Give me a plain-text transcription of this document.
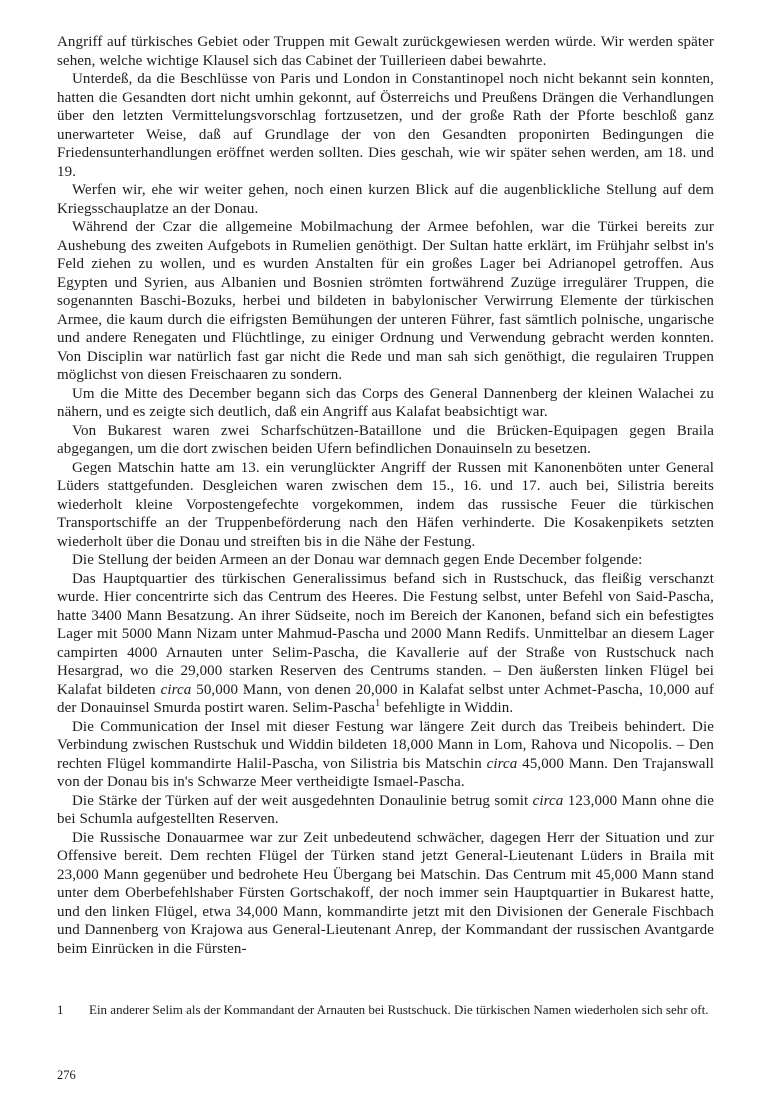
Angriff auf türkisches Gebiet oder Truppen mit Gewalt zurückgewiesen werden würde. Wir werden später sehen, welche wichtige Klausel sich das Cabinet der Tuillerieen dabei bewahrte.

Unterdeß, da die Beschlüsse von Paris und London in Constantinopel noch nicht bekannt sein konnten, hatten die Gesandten dort nicht umhin gekonnt, auf Österreichs und Preußens Drängen die Verhandlungen über den letzten Vermittelungsvorschlag fortzusetzen, und der große Rath der Pforte beschloß ganz unerwarteter Weise, daß auf Grundlage der von den Gesandten proponirten Bedingungen die Friedensunterhandlungen eröffnet werden sollten. Dies geschah, wie wir später sehen werden, am 18. und 19.

Werfen wir, ehe wir weiter gehen, noch einen kurzen Blick auf die augenblickliche Stellung auf dem Kriegsschauplatze an der Donau.

Während der Czar die allgemeine Mobilmachung der Armee befohlen, war die Türkei bereits zur Aushebung des zweiten Aufgebots in Rumelien genöthigt. Der Sultan hatte erklärt, im Frühjahr selbst in's Feld ziehen zu wollen, und es wurden Anstalten für ein großes Lager bei Adrianopel getroffen. Aus Egypten und Syrien, aus Albanien und Bosnien strömten fortwährend Zuzüge irregulärer Truppen, die sogenannten Baschi-Bozuks, herbei und bildeten in babylonischer Verwirrung Elemente der türkischen Armee, die kaum durch die eifrigsten Bemühungen der unteren Führer, fast sämtlich polnische, ungarische und andere Renegaten und Flüchtlinge, zu einiger Ordnung und Verwendung gebracht werden konnten. Von Disciplin war natürlich fast gar nicht die Rede und man sah sich genöthigt, die regulairen Truppen möglichst von diesen Freischaaren zu sondern.

Um die Mitte des December begann sich das Corps des General Dannenberg der kleinen Walachei zu nähern, und es zeigte sich deutlich, daß ein Angriff aus Kalafat beabsichtigt war.

Von Bukarest waren zwei Scharfschützen-Bataillone und die Brücken-Equipagen gegen Braila abgegangen, um die dort zwischen beiden Ufern befindlichen Donauinseln zu besetzen.

Gegen Matschin hatte am 13. ein verunglückter Angriff der Russen mit Kanonenböten unter General Lüders stattgefunden. Desgleichen waren zwischen dem 15., 16. und 17. auch bei, Silistria bereits wiederholt kleine Vorpostengefechte vorgekommen, indem das russische Feuer die türkischen Transportschiffe an der Truppenbeförderung nach den Häfen verhinderte. Die Kosakenpikets setzten wiederholt über die Donau und streiften bis in die Nähe der Festung.

Die Stellung der beiden Armeen an der Donau war demnach gegen Ende December folgende:

Das Hauptquartier des türkischen Generalissimus befand sich in Rustschuck, das fleißig verschanzt wurde. Hier concentrirte sich das Centrum des Heeres. Die Festung selbst, unter Befehl von Said-Pascha, hatte 3400 Mann Besatzung. An ihrer Südseite, noch im Bereich der Kanonen, befand sich ein befestigtes Lager mit 5000 Mann Nizam unter Mahmud-Pascha und 2000 Mann Redifs. Unmittelbar an diesem Lager campirten 4000 Arnauten unter Selim-Pascha, die Kavallerie auf der Straße von Rustschuck nach Hesargrad, wo die 29,000 starken Reserven des Centrums standen. – Den äußersten linken Flügel bei Kalafat bildeten circa 50,000 Mann, von denen 20,000 in Kalafat selbst unter Achmet-Pascha, 10,000 auf der Donauinsel Smurda postirt waren. Selim-Pascha$^1$ befehligte in Widdin.

Die Communication der Insel mit dieser Festung war längere Zeit durch das Treibeis behindert. Die Verbindung zwischen Rustschuk und Widdin bildeten 18,000 Mann in Lom, Rahova und Nicopolis. – Den rechten Flügel kommandirte Halil-Pascha, von Silistria bis Matschin circa 45,000 Mann. Den Trajanswall von der Donau bis in's Schwarze Meer vertheidigte Ismael-Pascha.

Die Stärke der Türken auf der weit ausgedehnten Donaulinie betrug somit circa 123,000 Mann ohne die bei Schumla aufgestellten Reserven.

Die Russische Donauarmee war zur Zeit unbedeutend schwächer, dagegen Herr der Situation und zur Offensive bereit. Dem rechten Flügel der Türken stand jetzt General-Lieutenant Lüders in Braila mit 23,000 Mann gegenüber und bedrohete Heu Übergang bei Matschin. Das Centrum mit 45,000 Mann stand unter dem Oberbefehlshaber Fürsten Gortschakoff, der noch immer sein Hauptquartier in Bukarest hatte, und den linken Flügel, etwa 34,000 Mann, kommandirte jetzt mit den Divisionen der Generale Fischbach und Dannenberg von Krajowa aus General-Lieutenant Anrep, der Kommandant der russischen Avantgarde beim Einrücken in die Fürsten-

1	Ein anderer Selim als der Kommandant der Arnauten bei Rustschuck. Die türkischen Namen wiederholen sich sehr oft.
276
